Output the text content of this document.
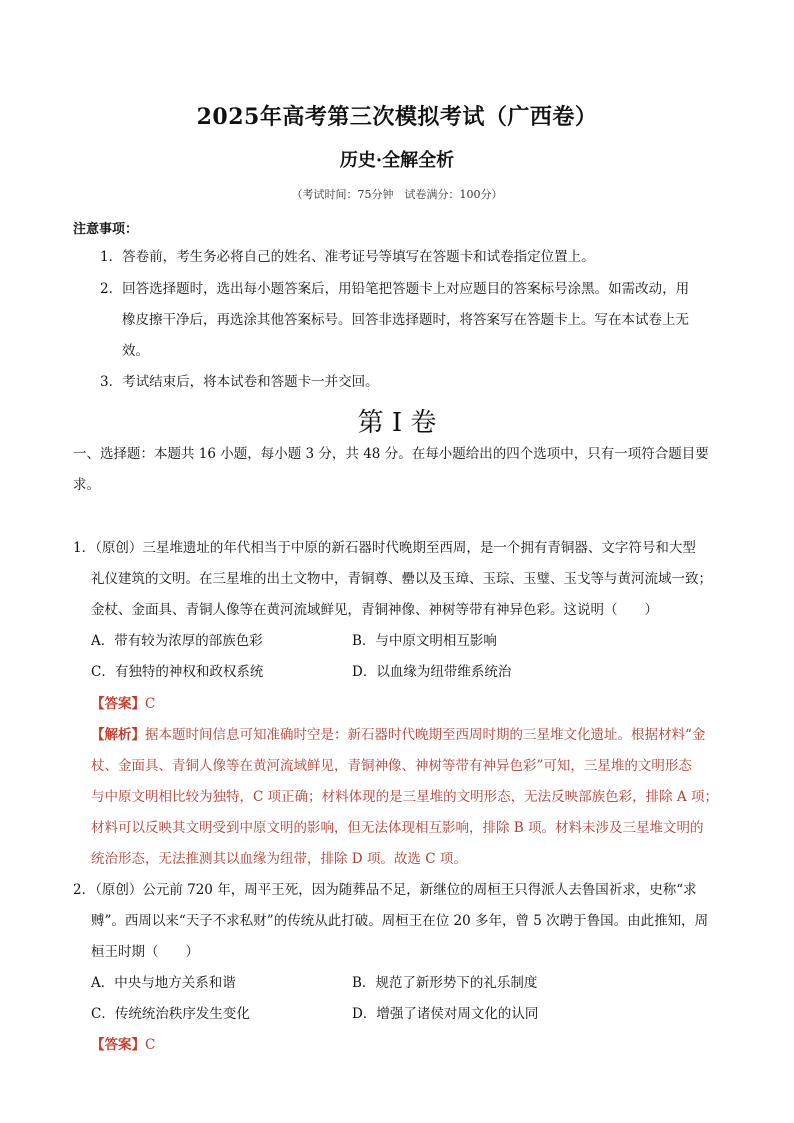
2025年高考第三次模拟考试（广西卷）
历史·全解全析
（考试时间：75分钟　试卷满分：100分）
注意事项：
1．答卷前，考生务必将自己的姓名、准考证号等填写在答题卡和试卷指定位置上。
2．回答选择题时，选出每小题答案后，用铅笔把答题卡上对应题目的答案标号涂黑。如需改动，用
橡皮擦干净后，再选涂其他答案标号。回答非选择题时，将答案写在答题卡上。写在本试卷上无
效。
3．考试结束后，将本试卷和答题卡一并交回。
第 I 卷
一、选择题：本题共 16 小题，每小题 3 分，共 48 分。在每小题给出的四个选项中，只有一项符合题目要
求。
1．（原创）三星堆遗址的年代相当于中原的新石器时代晚期至西周，是一个拥有青铜器、文字符号和大型
礼仪建筑的文明。在三星堆的出土文物中，青铜尊、罍以及玉璋、玉琮、玉璧、玉戈等与黄河流域一致；
金杖、金面具、青铜人像等在黄河流域鲜见，青铜神像、神树等带有神异色彩。这说明（　　）
A．带有较为浓厚的部族色彩	B．与中原文明相互影响
C．有独特的神权和政权系统	D．以血缘为纽带维系统治
【答案】C
【解析】据本题时间信息可知准确时空是：新石器时代晚期至西周时期的三星堆文化遗址。根据材料“金
杖、金面具、青铜人像等在黄河流域鲜见，青铜神像、神树等带有神异色彩”可知，三星堆的文明形态
与中原文明相比较为独特，C 项正确；材料体现的是三星堆的文明形态，无法反映部族色彩，排除 A 项；
材料可以反映其文明受到中原文明的影响，但无法体现相互影响，排除 B 项。材料未涉及三星堆文明的
统治形态，无法推测其以血缘为纽带，排除 D 项。故选 C 项。
2．（原创）公元前 720 年，周平王死，因为随葬品不足，新继位的周桓王只得派人去鲁国祈求，史称“求
赙”。西周以来“天子不求私财”的传统从此打破。周桓王在位 20 多年，曾 5 次聘于鲁国。由此推知，周
桓王时期（　　）
A．中央与地方关系和谐	B．规范了新形势下的礼乐制度
C．传统统治秩序发生变化	D．增强了诸侯对周文化的认同
【答案】C
